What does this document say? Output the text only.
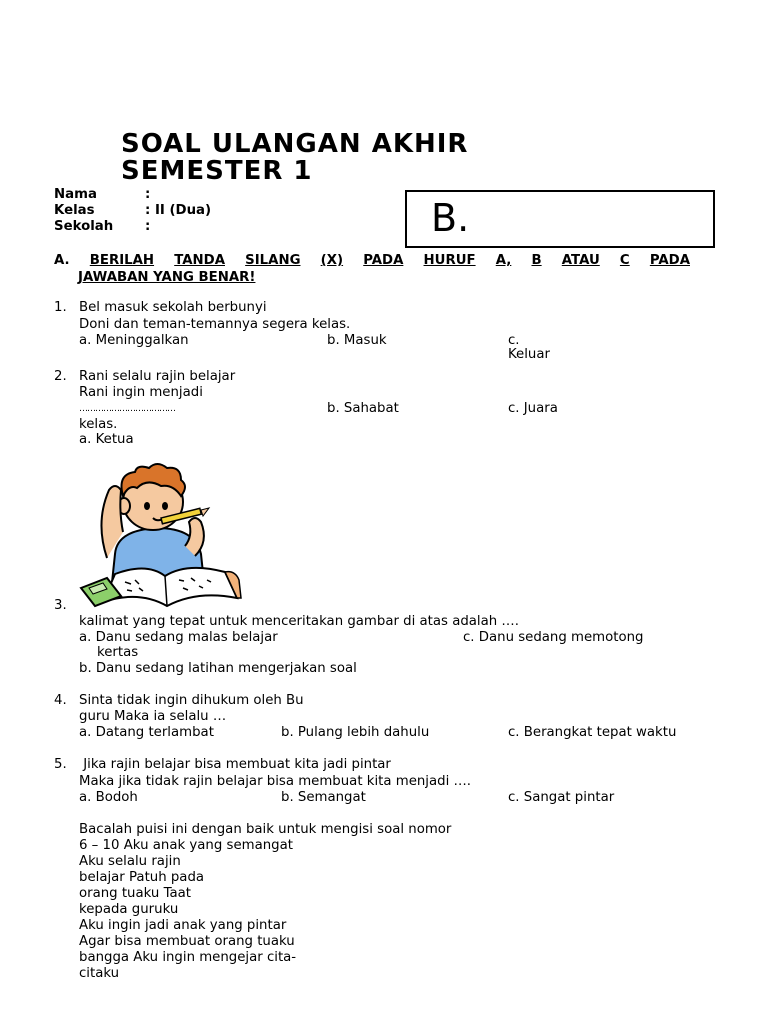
SOAL ULANGAN AKHIR
SEMESTER 1
Nama	:
Kelas	: II (Dua)
Sekolah :	B.
A. BERILAH TANDA SILANG (X) PADA HURUF A, B ATAU C PADA
JAWABAN YANG BENAR!
1. Bel masuk sekolah berbunyi
Doni dan teman-temannya segera kelas.
a. Meninggalkan	b. Masuk	c.
Keluar
2. Rani selalu rajin belajar
Rani ingin menjadi
………………………………	b. Sahabat	c. Juara
kelas.
a. Ketua
3.
kalimat yang tepat untuk menceritakan gambar di atas adalah ….
a. Danu sedang malas belajar	c. Danu sedang memotong
kertas
b. Danu sedang latihan mengerjakan soal
4. Sinta tidak ingin dihukum oleh Bu
guru Maka ia selalu …
a. Datang terlambat	b. Pulang lebih dahulu	c. Berangkat tepat waktu
5. Jika rajin belajar bisa membuat kita jadi pintar
Maka jika tidak rajin belajar bisa membuat kita menjadi ….
a. Bodoh	b. Semangat	c. Sangat pintar
Bacalah puisi ini dengan baik untuk mengisi soal nomor
6 – 10 Aku anak yang semangat
Aku selalu rajin
belajar Patuh pada
orang tuaku Taat
kepada guruku
Aku ingin jadi anak yang pintar
Agar bisa membuat orang tuaku
bangga Aku ingin mengejar cita-
citaku
